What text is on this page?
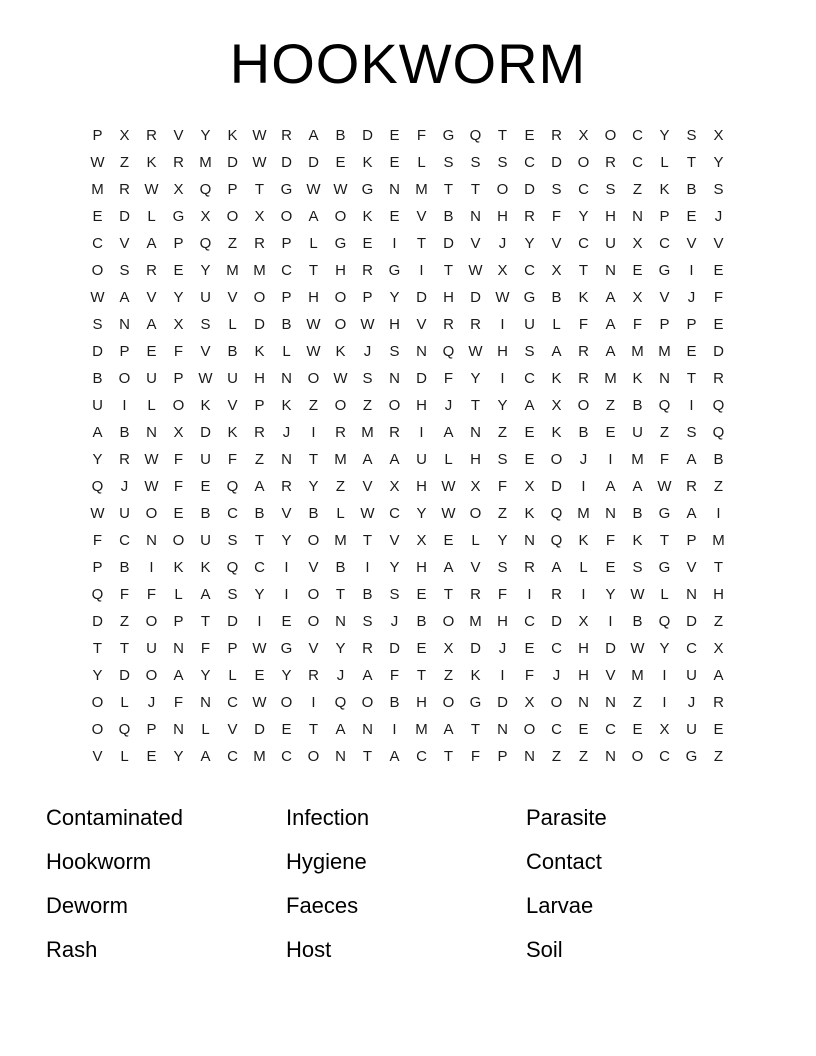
HOOKWORM
P	X	R	V	Y	K	W	R	A	B	D	E	F	G	Q	T	E	R	X	O	C	Y	S	X
W	Z	K	R	M	D	W	D	D	E	K	E	L	S	S	S	C	D	O	R	C	L	T	Y
M	R	W	X	Q	P	T	G	W	W	G	N	M	T	T	O	D	S	C	S	Z	K	B	S
E	D	L	G	X	O	X	O	A	O	K	E	V	B	N	H	R	F	Y	H	N	P	E	J
C	V	A	P	Q	Z	R	P	L	G	E	I	T	D	V	J	Y	V	C	U	X	C	V	V
O	S	R	E	Y	M	M	C	T	H	R	G	I	T	W	X	C	X	T	N	E	G	I	E
W	A	V	Y	U	V	O	P	H	O	P	Y	D	H	D	W	G	B	K	A	X	V	J	F
S	N	A	X	S	L	D	B	W	O	W	H	V	R	R	I	U	L	F	A	F	P	P	E
D	P	E	F	V	B	K	L	W	K	J	S	N	Q	W	H	S	A	R	A	M	M	E	D
B	O	U	P	W	U	H	N	O	W	S	N	D	F	Y	I	C	K	R	M	K	N	T	R
U	I	L	O	K	V	P	K	Z	O	Z	O	H	J	T	Y	A	X	O	Z	B	Q	I	Q
A	B	N	X	D	K	R	J	I	R	M	R	I	A	N	Z	E	K	B	E	U	Z	S	Q
Y	R	W	F	U	F	Z	N	T	M	A	A	U	L	H	S	E	O	J	I	M	F	A	B
Q	J	W	F	E	Q	A	R	Y	Z	V	X	H	W	X	F	X	D	I	A	A	W	R	Z
W	U	O	E	B	C	B	V	B	L	W	C	Y	W	O	Z	K	Q	M	N	B	G	A	I
F	C	N	O	U	S	T	Y	O	M	T	V	X	E	L	Y	N	Q	K	F	K	T	P	M
P	B	I	K	K	Q	C	I	V	B	I	Y	H	A	V	S	R	A	L	E	S	G	V	T
Q	F	F	L	A	S	Y	I	O	T	B	S	E	T	R	F	I	R	I	Y	W	L	N	H
D	Z	O	P	T	D	I	E	O	N	S	J	B	O	M	H	C	D	X	I	B	Q	D	Z
T	T	U	N	F	P	W	G	V	Y	R	D	E	X	D	J	E	C	H	D	W	Y	C	X
Y	D	O	A	Y	L	E	Y	R	J	A	F	T	Z	K	I	F	J	H	V	M	I	U	A
O	L	J	F	N	C	W	O	I	Q	O	B	H	O	G	D	X	O	N	N	Z	I	J	R
O	Q	P	N	L	V	D	E	T	A	N	I	M	A	T	N	O	C	E	C	E	X	U	E
V	L	E	Y	A	C	M	C	O	N	T	A	C	T	F	P	N	Z	Z	N	O	C	G	Z
Contaminated	Infection	Parasite
Hookworm	Hygiene	Contact
Deworm	Faeces	Larvae
Rash	Host	Soil
